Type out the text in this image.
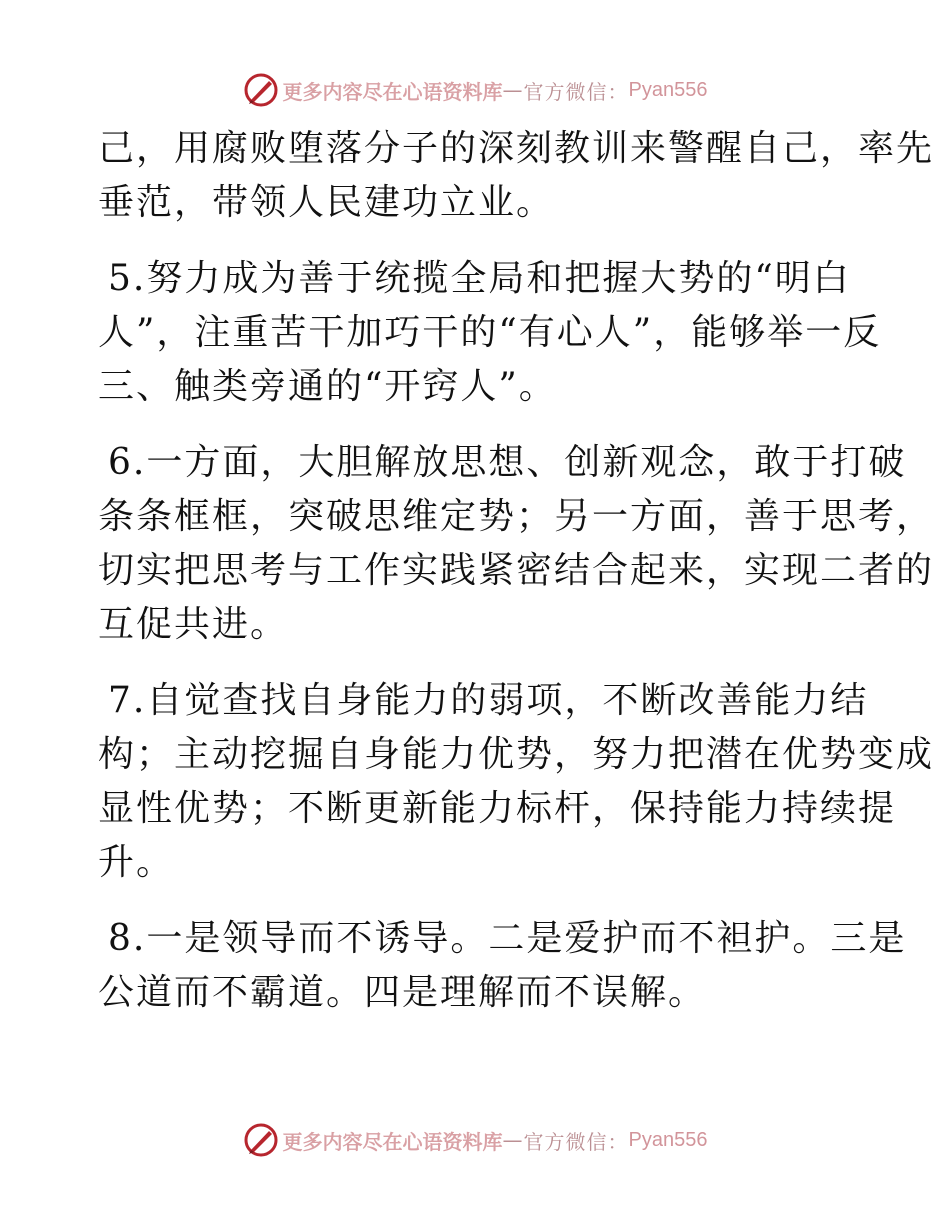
更多内容尽在心语资料库 — 官方微信： Pyan556
己，用腐败堕落分子的深刻教训来警醒自己，率先
垂范，带领人民建功立业。
5.努力成为善于统揽全局和把握大势的“明白
人”，注重苦干加巧干的“有心人”，能够举一反
三、触类旁通的“开窍人”。
6.一方面，大胆解放思想、创新观念，敢于打破
条条框框，突破思维定势；另一方面，善于思考，
切实把思考与工作实践紧密结合起来，实现二者的
互促共进。
7.自觉查找自身能力的弱项，不断改善能力结
构；主动挖掘自身能力优势，努力把潜在优势变成
显性优势；不断更新能力标杆，保持能力持续提
升。
8.一是领导而不诱导。二是爱护而不袒护。三是
公道而不霸道。四是理解而不误解。
更多内容尽在心语资料库 — 官方微信： Pyan556
